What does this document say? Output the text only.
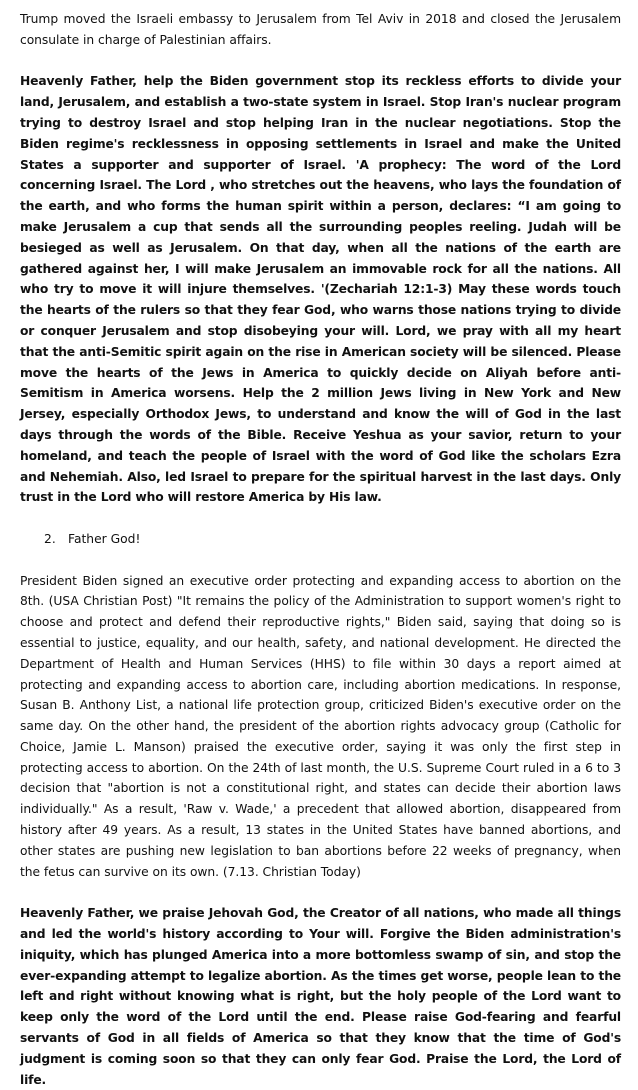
Trump moved the Israeli embassy to Jerusalem from Tel Aviv in 2018 and closed the Jerusalem consulate in charge of Palestinian affairs.

Heavenly Father, help the Biden government stop its reckless efforts to divide your land, Jerusalem, and establish a two-state system in Israel. Stop Iran's nuclear program trying to destroy Israel and stop helping Iran in the nuclear negotiations. Stop the Biden regime's recklessness in opposing settlements in Israel and make the United States a supporter and supporter of Israel. 'A prophecy: The word of the Lord concerning Israel. The Lord , who stretches out the heavens, who lays the foundation of the earth, and who forms the human spirit within a person, declares: “I am going to make Jerusalem a cup that sends all the surrounding peoples reeling. Judah will be besieged as well as Jerusalem. On that day, when all the nations of the earth are gathered against her, I will make Jerusalem an immovable rock for all the nations. All who try to move it will injure themselves. '(Zechariah 12:1-3) May these words touch the hearts of the rulers so that they fear God, who warns those nations trying to divide or conquer Jerusalem and stop disobeying your will. Lord, we pray with all my heart that the anti-Semitic spirit again on the rise in American society will be silenced. Please move the hearts of the Jews in America to quickly decide on Aliyah before anti-Semitism in America worsens. Help the 2 million Jews living in New York and New Jersey, especially Orthodox Jews, to understand and know the will of God in the last days through the words of the Bible. Receive Yeshua as your savior, return to your homeland, and teach the people of Israel with the word of God like the scholars Ezra and Nehemiah. Also, led Israel to prepare for the spiritual harvest in the last days. Only trust in the Lord who will restore America by His law.

2. Father God!

President Biden signed an executive order protecting and expanding access to abortion on the 8th. (USA Christian Post) "It remains the policy of the Administration to support women's right to choose and protect and defend their reproductive rights," Biden said, saying that doing so is essential to justice, equality, and our health, safety, and national development. He directed the Department of Health and Human Services (HHS) to file within 30 days a report aimed at protecting and expanding access to abortion care, including abortion medications. In response, Susan B. Anthony List, a national life protection group, criticized Biden's executive order on the same day. On the other hand, the president of the abortion rights advocacy group (Catholic for Choice, Jamie L. Manson) praised the executive order, saying it was only the first step in protecting access to abortion. On the 24th of last month, the U.S. Supreme Court ruled in a 6 to 3 decision that "abortion is not a constitutional right, and states can decide their abortion laws individually." As a result, 'Raw v. Wade,' a precedent that allowed abortion, disappeared from history after 49 years. As a result, 13 states in the United States have banned abortions, and other states are pushing new legislation to ban abortions before 22 weeks of pregnancy, when the fetus can survive on its own. (7.13. Christian Today)

Heavenly Father, we praise Jehovah God, the Creator of all nations, who made all things and led the world's history according to Your will. Forgive the Biden administration's iniquity, which has plunged America into a more bottomless swamp of sin, and stop the ever-expanding attempt to legalize abortion. As the times get worse, people lean to the left and right without knowing what is right, but the holy people of the Lord want to keep only the word of the Lord until the end. Please raise God-fearing and fearful servants of God in all fields of America so that they know that the time of God's judgment is coming soon so that they can only fear God. Praise the Lord, the Lord of life.
